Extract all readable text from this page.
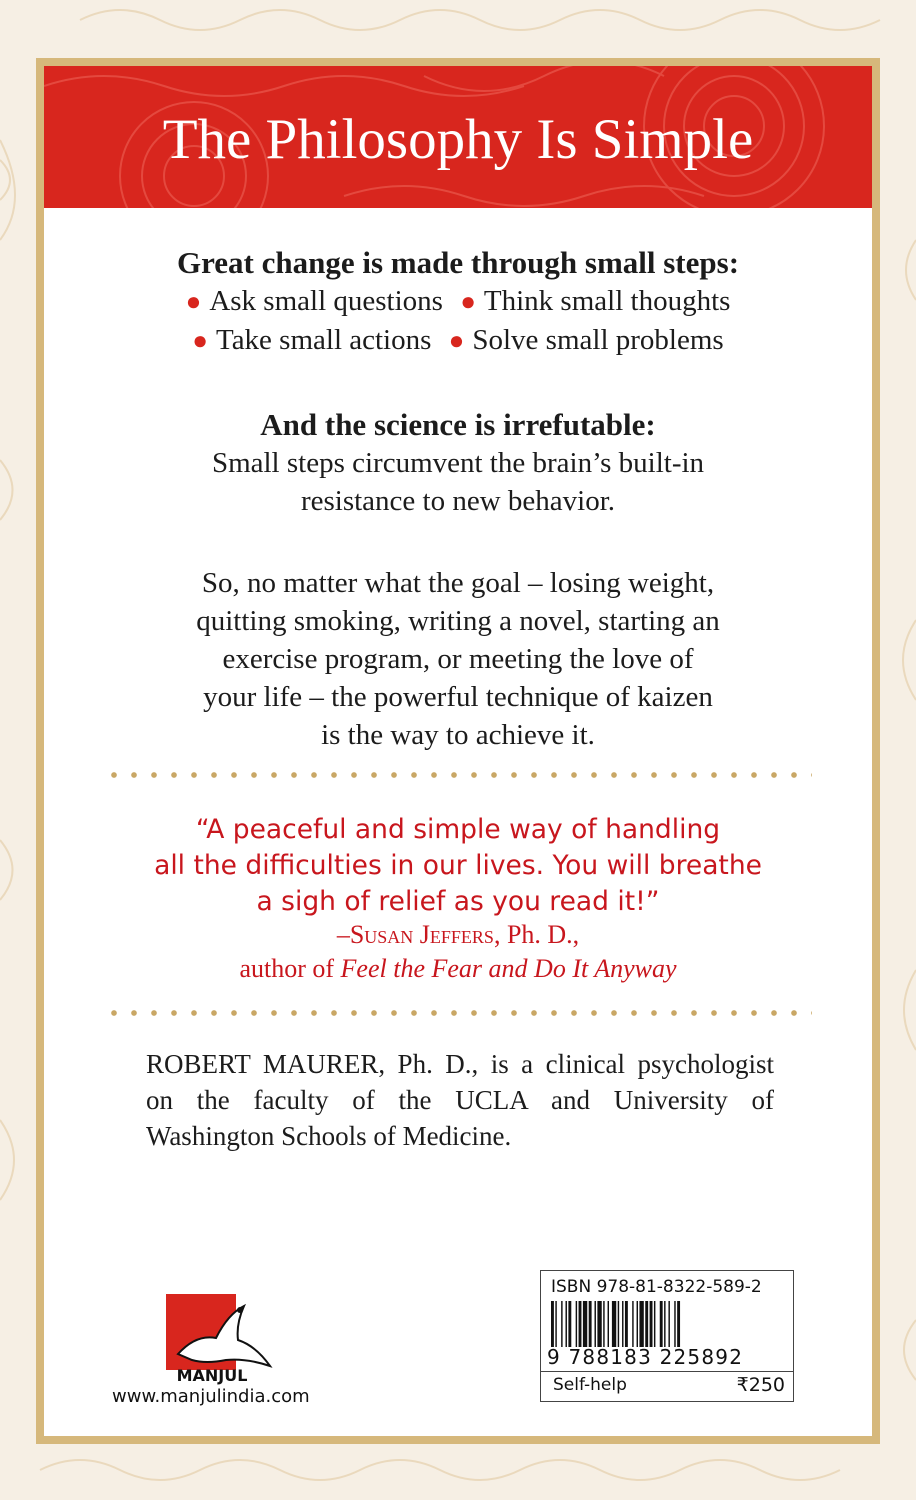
The Philosophy Is Simple

Great change is made through small steps:

● Ask small questions ● Think small thoughts

● Take small actions ● Solve small problems

And the science is irrefutable:

Small steps circumvent the brain’s built-in

resistance to new behavior.

So, no matter what the goal – losing weight,

quitting smoking, writing a novel, starting an

exercise program, or meeting the love of

your life – the powerful technique of kaizen

is the way to achieve it.

“A peaceful and simple way of handling

all the difficulties in our lives. You will breathe

a sigh of relief as you read it!”

–Susan Jeffers, Ph. D.,

author of Feel the Fear and Do It Anyway

ROBERT MAURER, Ph. D., is a clinical psychologist

on the faculty of the UCLA and University of

Washington Schools of Medicine.

MANJUL
www.manjulindia.com
ISBN 978-81-8322-589-2
9 788183 225892
Self-help	₹250
